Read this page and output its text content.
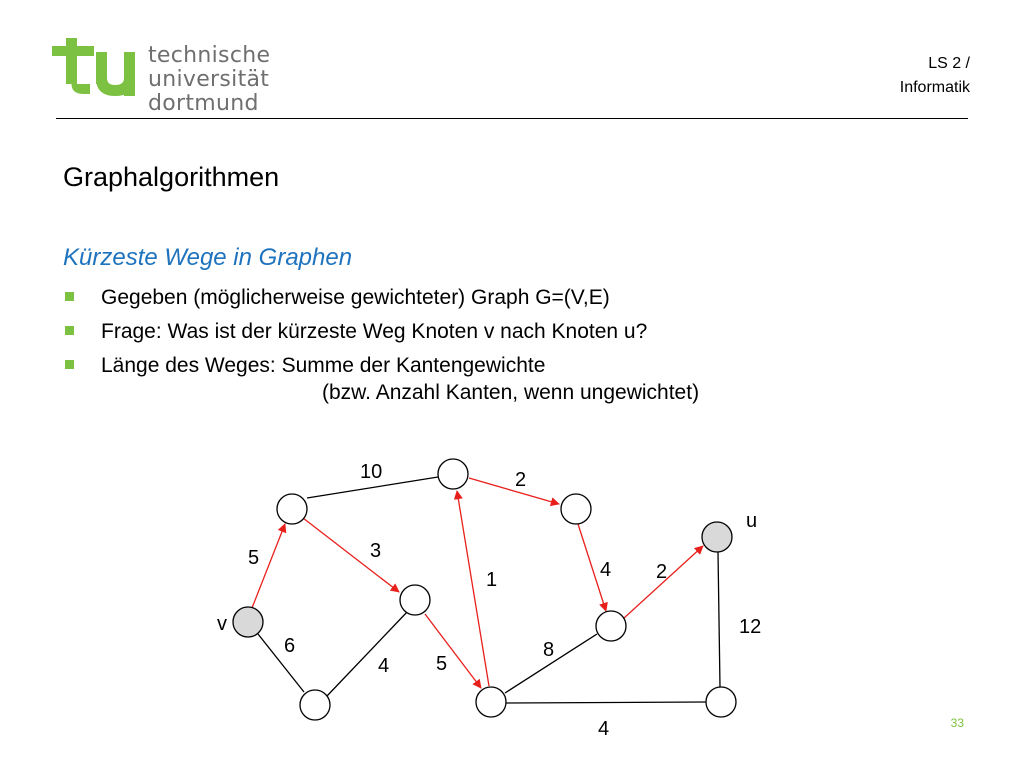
technische universität
dortmund
LS 2 /
Informatik
Graphalgorithmen
Kürzeste Wege in Graphen
Gegeben (möglicherweise gewichteter) Graph G=(V,E)
Frage: Was ist der kürzeste Weg Knoten v nach Knoten u?
Länge des Weges: Summe der Kantengewichte
(bzw. Anzahl Kanten, wenn ungewichtet)
v
u
10	2
5	3
1	4 2
12
6
4 5
8
4	33
